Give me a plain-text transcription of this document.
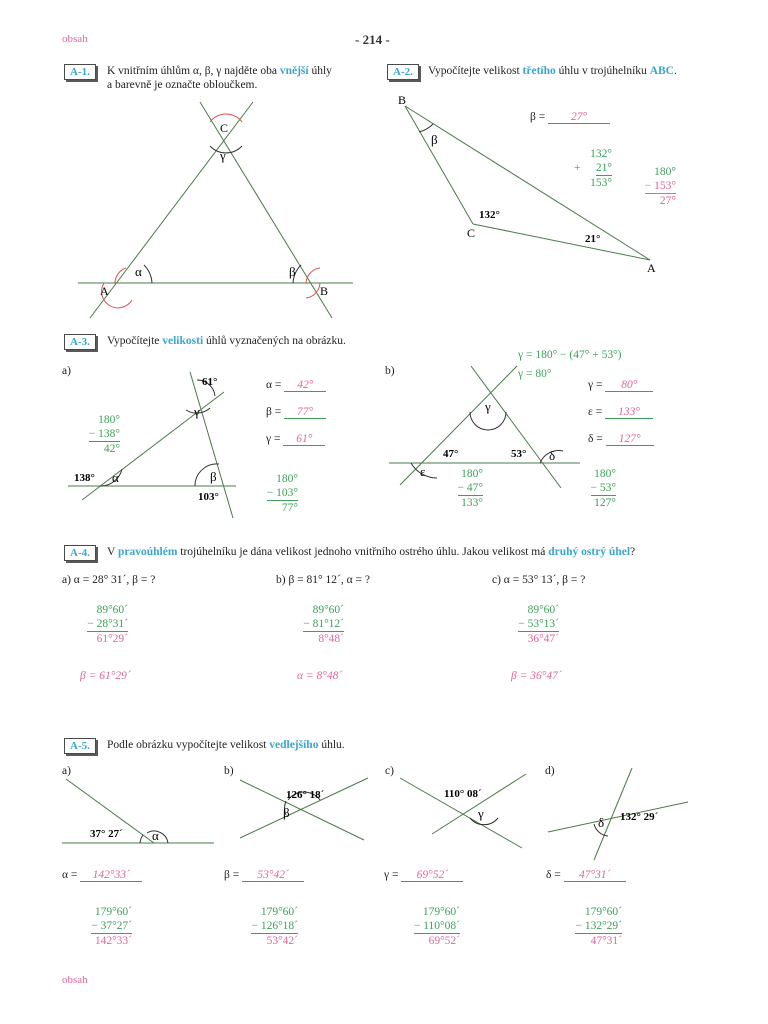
obsah	- 214 -
A-1.	K vnitřním úhlům α, β, γ najděte oba vnější úhly
a barevně je označte obloučkem.
A	B
C
α	β
γ
A-2.	Vypočítejte velikost třetího úhlu v trojúhelníku ABC.
B
C
A
β
132°
21°
β = 27°
132°
+ 21°
153°
180°
− 153°
27°
A-3.	Vypočítejte velikosti úhlů vyznačených na obrázku.
a)
61°
138°
103°
α	β
γ
180°
− 138°
42°
180°
− 103°
77°
α = 42°
β = 77°
γ = 61°
b)
γ = 180° − (47° + 53°)
γ = 80°
47°	53°
γ
ε
δ
γ = 80°
ε = 133°
δ = 127°
180°
− 47°
133°
180°
− 53°
127°
A-4.	V pravoúhlém trojúhelníku je dána velikost jednoho vnitřního ostrého úhlu. Jakou velikost má druhý ostrý úhel?
a) α = 28° 31´, β = ?
89°60´
− 28°31´
61°29´
β = 61°29´
b) β = 81° 12´, α = ?
89°60´
− 81°12´
8°48´
α = 8°48´
c) α = 53° 13´, β = ?
89°60´
− 53°13´
36°47´
β = 36°47´
A-5.	Podle obrázku vypočítejte velikost vedlejšího úhlu.
a)
37° 27´ α
α = 142°33´
179°60´
− 37°27´
142°33´
b)
126° 18´
β
β = 53°42´
179°60´
− 126°18´
53°42´
c)
110° 08´
γ
γ = 69°52´
179°60´
− 110°08´
69°52´
d)
132° 29´
δ
δ = 47°31´
179°60´
− 132°29´
47°31´
obsah
